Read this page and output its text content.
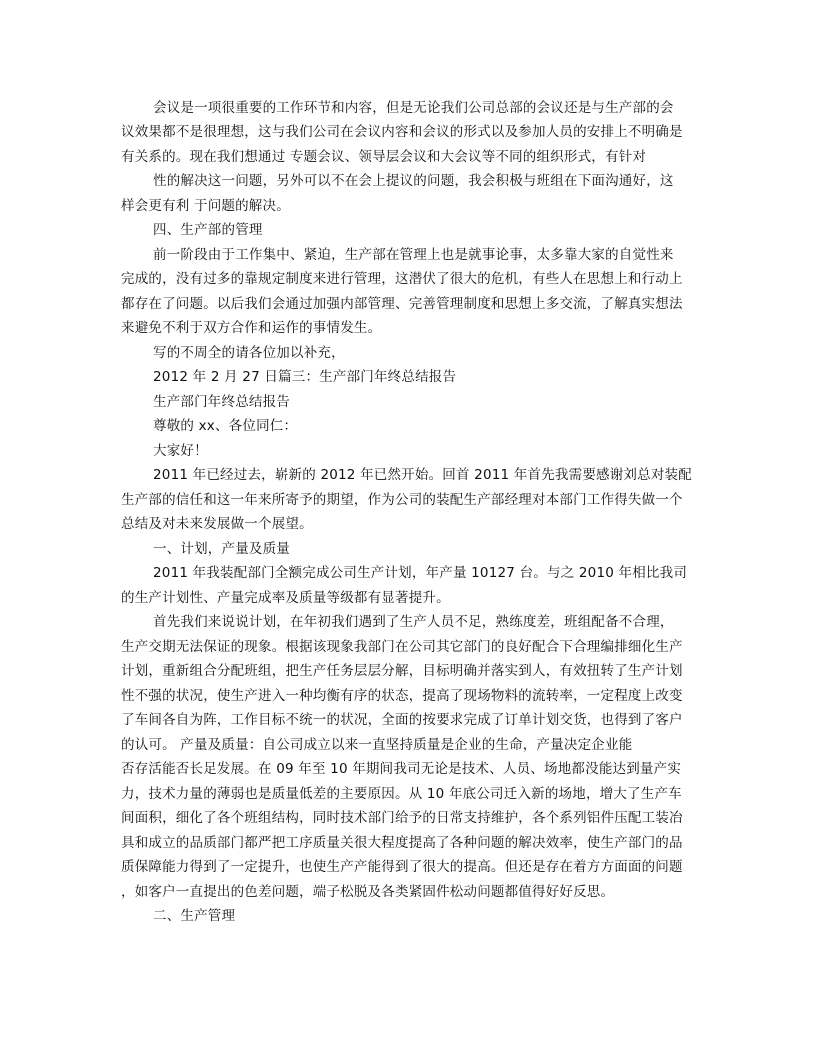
会议是一项很重要的工作环节和内容，但是无论我们公司总部的会议还是与生产部的会

议效果都不是很理想，这与我们公司在会议内容和会议的形式以及参加人员的安排上不明确是

有关系的。现在我们想通过 专题会议、领导层会议和大会议等不同的组织形式，有针对

性的解决这一问题，另外可以不在会上提议的问题，我会积极与班组在下面沟通好，这

样会更有利 于问题的解决。

四、生产部的管理

前一阶段由于工作集中、紧迫，生产部在管理上也是就事论事，太多靠大家的自觉性来

完成的，没有过多的靠规定制度来进行管理，这潜伏了很大的危机，有些人在思想上和行动上

都存在了问题。以后我们会通过加强内部管理、完善管理制度和思想上多交流，了解真实想法

来避免不利于双方合作和运作的事情发生。

写的不周全的请各位加以补充，

2012 年 2 月 27 日篇三：生产部门年终总结报告

生产部门年终总结报告

尊敬的 xx、各位同仁：

大家好！

2011 年已经过去，崭新的 2012 年已然开始。回首 2011 年首先我需要感谢刘总对装配

生产部的信任和这一年来所寄予的期望，作为公司的装配生产部经理对本部门工作得失做一个

总结及对未来发展做一个展望。

一、计划，产量及质量

2011 年我装配部门全额完成公司生产计划，年产量 10127 台。与之 2010 年相比我司

的生产计划性、产量完成率及质量等级都有显著提升。

首先我们来说说计划，在年初我们遇到了生产人员不足，熟练度差，班组配备不合理，

生产交期无法保证的现象。根据该现象我部门在公司其它部门的良好配合下合理编排细化生产

计划，重新组合分配班组，把生产任务层层分解，目标明确并落实到人，有效扭转了生产计划

性不强的状况，使生产进入一种均衡有序的状态，提高了现场物料的流转率，一定程度上改变

了车间各自为阵，工作目标不统一的状况，全面的按要求完成了订单计划交货，也得到了客户

的认可。 产量及质量：自公司成立以来一直坚持质量是企业的生命，产量决定企业能

否存活能否长足发展。在 09 年至 10 年期间我司无论是技术、人员、场地都没能达到量产实

力，技术力量的薄弱也是质量低差的主要原因。从 10 年底公司迁入新的场地，增大了生产车

间面积，细化了各个班组结构，同时技术部门给予的日常支持维护，各个系列铝件压配工装冶

具和成立的品质部门都严把工序质量关很大程度提高了各种问题的解决效率，使生产部门的品

质保障能力得到了一定提升，也使生产产能得到了很大的提高。但还是存在着方方面面的问题

，如客户一直提出的色差问题，端子松脱及各类紧固件松动问题都值得好好反思。

二、生产管理
